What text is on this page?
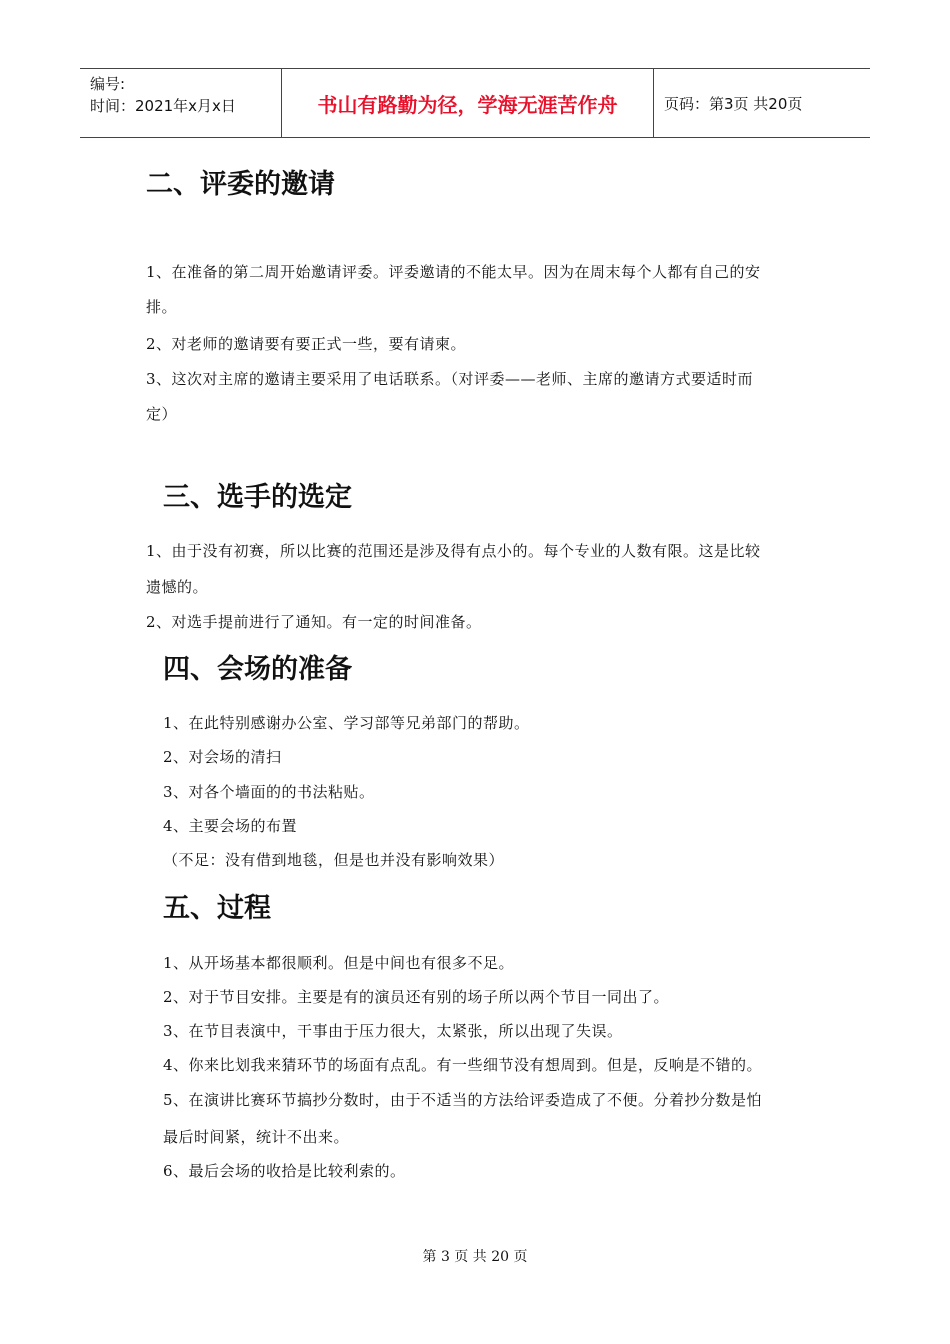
编号:
时间：2021年x月x日	书山有路勤为径，学海无涯苦作舟	页码：第3页 共20页
二、评委的邀请

1、在准备的第二周开始邀请评委。评委邀请的不能太早。因为在周末每个人都有自己的安

排。

2、对老师的邀请要有要正式一些，要有请柬。

3、这次对主席的邀请主要采用了电话联系。（对评委——老师、主席的邀请方式要适时而

定）

三、选手的选定

1、由于没有初赛，所以比赛的范围还是涉及得有点小的。每个专业的人数有限。这是比较

遗憾的。

2、对选手提前进行了通知。有一定的时间准备。

四、会场的准备

1、在此特别感谢办公室、学习部等兄弟部门的帮助。

2、对会场的清扫

3、对各个墙面的的书法粘贴。

4、主要会场的布置

（不足：没有借到地毯，但是也并没有影响效果）

五、过程

1、从开场基本都很顺利。但是中间也有很多不足。

2、对于节目安排。主要是有的演员还有别的场子所以两个节目一同出了。

3、在节目表演中，干事由于压力很大，太紧张，所以出现了失误。

4、你来比划我来猜环节的场面有点乱。有一些细节没有想周到。但是，反响是不错的。

5、在演讲比赛环节搞抄分数时，由于不适当的方法给评委造成了不便。分着抄分数是怕

最后时间紧，统计不出来。

6、最后会场的收拾是比较利索的。

第 3 页 共 20 页
